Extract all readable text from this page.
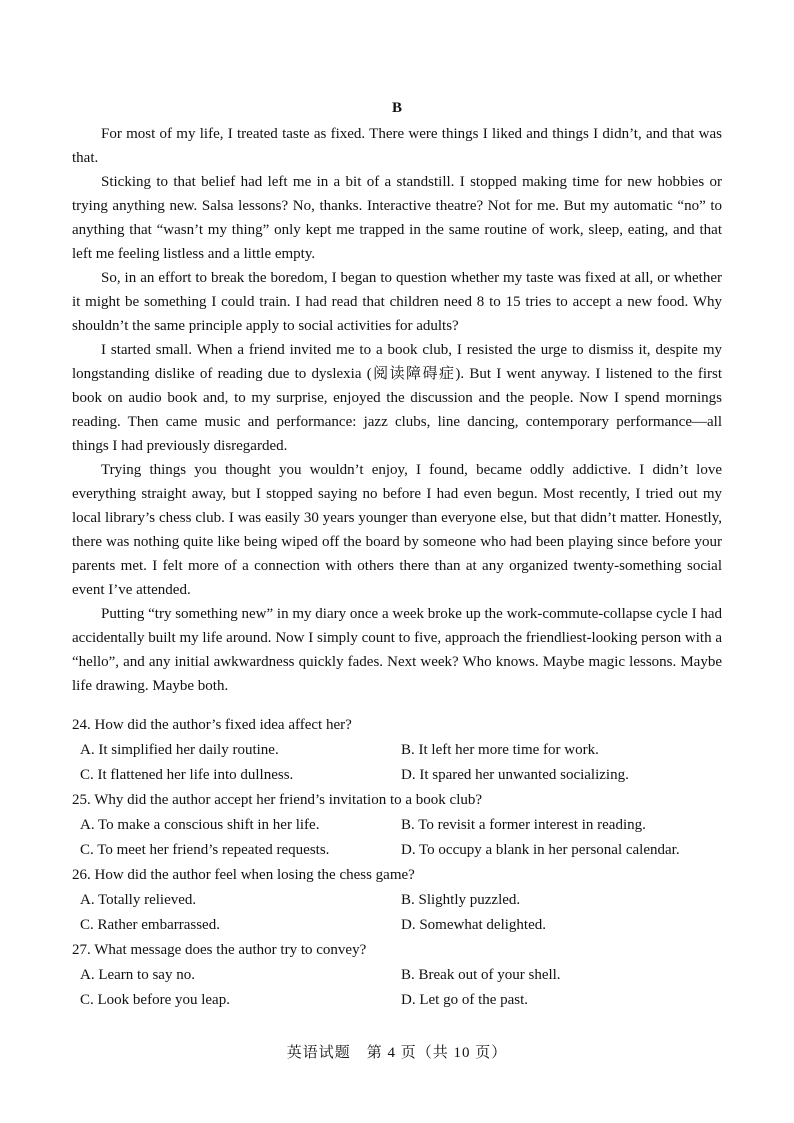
B

For most of my life, I treated taste as fixed. There were things I liked and things I didn’t, and that was that.

Sticking to that belief had left me in a bit of a standstill. I stopped making time for new hobbies or trying anything new. Salsa lessons? No, thanks. Interactive theatre? Not for me. But my automatic “no” to anything that “wasn’t my thing” only kept me trapped in the same routine of work, sleep, eating, and that left me feeling listless and a little empty.

So, in an effort to break the boredom, I began to question whether my taste was fixed at all, or whether it might be something I could train. I had read that children need 8 to 15 tries to accept a new food. Why shouldn’t the same principle apply to social activities for adults?

I started small. When a friend invited me to a book club, I resisted the urge to dismiss it, despite my longstanding dislike of reading due to dyslexia (阅读障碍症). But I went anyway. I listened to the first book on audio book and, to my surprise, enjoyed the discussion and the people. Now I spend mornings reading. Then came music and performance: jazz clubs, line dancing, contemporary performance—all things I had previously disregarded.

Trying things you thought you wouldn’t enjoy, I found, became oddly addictive. I didn’t love everything straight away, but I stopped saying no before I had even begun. Most recently, I tried out my local library’s chess club. I was easily 30 years younger than everyone else, but that didn’t matter. Honestly, there was nothing quite like being wiped off the board by someone who had been playing since before your parents met. I felt more of a connection with others there than at any organized twenty-something social event I’ve attended.

Putting “try something new” in my diary once a week broke up the work-commute-collapse cycle I had accidentally built my life around. Now I simply count to five, approach the friendliest-looking person with a “hello”, and any initial awkwardness quickly fades. Next week? Who knows. Maybe magic lessons. Maybe life drawing. Maybe both.

24. How did the author’s fixed idea affect her?

A. It simplified her daily routine.	B. It left her more time for work.
C. It flattened her life into dullness.	D. It spared her unwanted socializing.

25. Why did the author accept her friend’s invitation to a book club?

A. To make a conscious shift in her life.	B. To revisit a former interest in reading.
C. To meet her friend’s repeated requests.	D. To occupy a blank in her personal calendar.

26. How did the author feel when losing the chess game?

A. Totally relieved.	B. Slightly puzzled.
C. Rather embarrassed.	D. Somewhat delighted.

27. What message does the author try to convey?

A. Learn to say no.	B. Break out of your shell.
C. Look before you leap.	D. Let go of the past.
英语试题　第 4 页（共 10 页）
